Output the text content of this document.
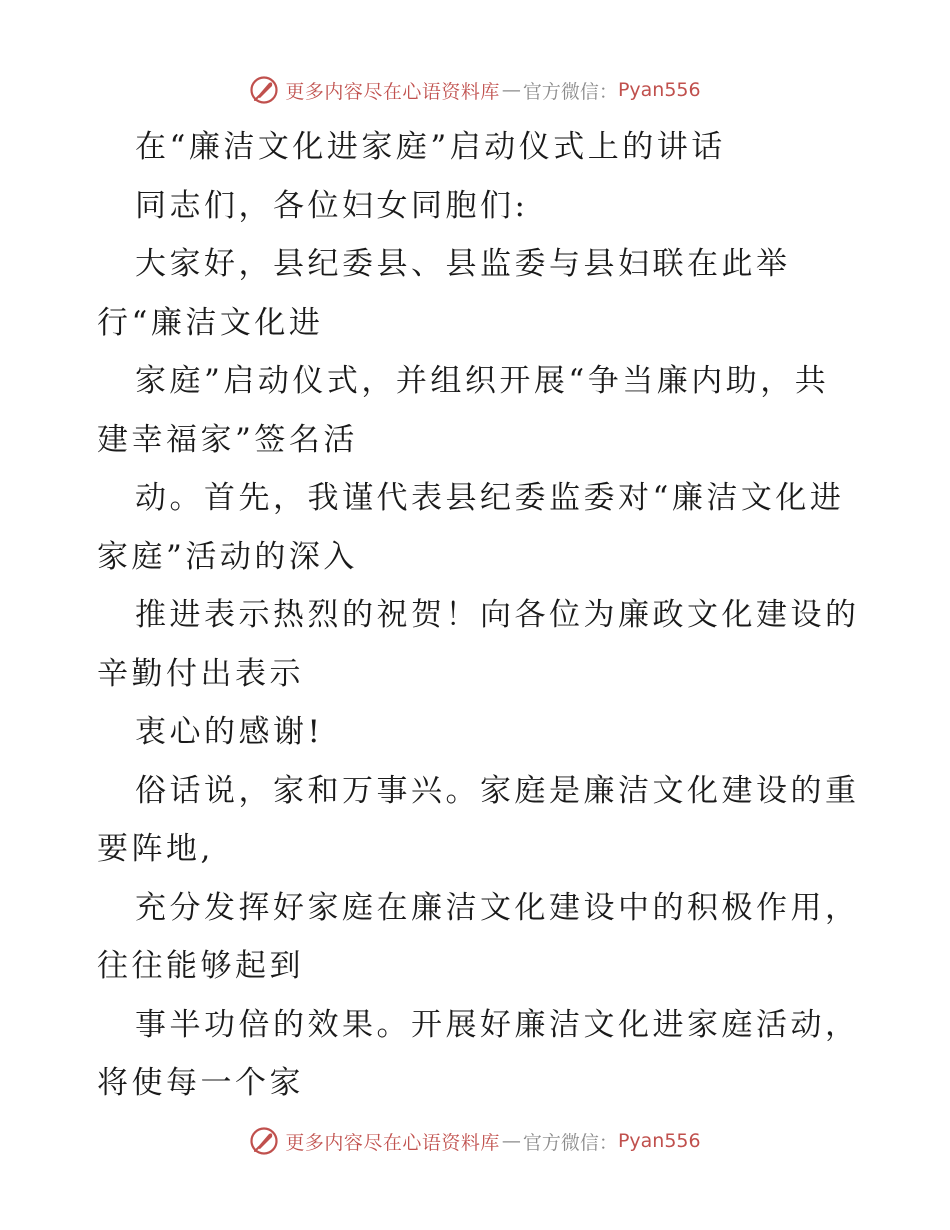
更多内容尽在心语资料库 — 官方微信： Pyan556
在“廉洁文化进家庭”启动仪式上的讲话
同志们，各位妇女同胞们:
大家好，县纪委县、县监委与县妇联在此举
行“廉洁文化进
家庭”启动仪式，并组织开展“争当廉内助，共
建幸福家”签名活
动。首先，我谨代表县纪委监委对“廉洁文化进
家庭”活动的深入
推进表示热烈的祝贺！向各位为廉政文化建设的
辛勤付出表示
衷心的感谢!
俗话说，家和万事兴。家庭是廉洁文化建设的重
要阵地,
充分发挥好家庭在廉洁文化建设中的积极作用，
往往能够起到
事半功倍的效果。开展好廉洁文化进家庭活动，
将使每一个家
更多内容尽在心语资料库 — 官方微信： Pyan556
